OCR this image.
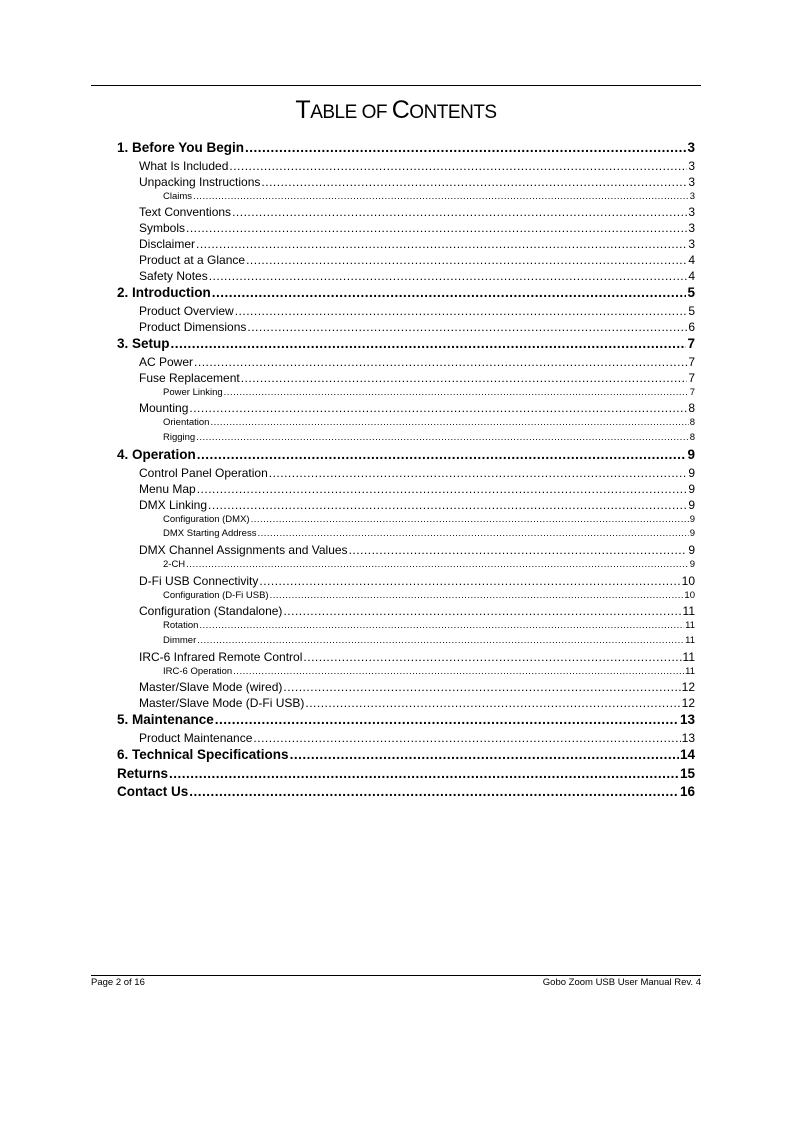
TABLE OF CONTENTS
1. Before You Begin .....	3
What Is Included .....	3
Unpacking Instructions .....	3
Claims .....	3
Text Conventions .....	3
Symbols .....	3
Disclaimer .....	3
Product at a Glance .....	4
Safety Notes .....	4
2. Introduction .....	5
Product Overview .....	5
Product Dimensions .....	6
3. Setup .....	7
AC Power .....	7
Fuse Replacement .....	7
Power Linking .....	7
Mounting .....	8
Orientation .....	8
Rigging .....	8
4. Operation .....	9
Control Panel Operation .....	9
Menu Map .....	9
DMX Linking .....	9
Configuration (DMX) .....	9
DMX Starting Address .....	9
DMX Channel Assignments and Values .....	9
2-CH .....	9
D-Fi USB Connectivity .....	10
Configuration (D-Fi USB) .....	10
Configuration (Standalone) .....	11
Rotation .....	11
Dimmer .....	11
IRC-6 Infrared Remote Control .....	11
IRC-6 Operation .....	11
Master/Slave Mode (wired) .....	12
Master/Slave Mode (D-Fi USB) .....	12
5. Maintenance .....	13
Product Maintenance .....	13
6. Technical Specifications .....	14
Returns .....	15
Contact Us .....	16
Page 2 of 16	Gobo Zoom USB User Manual Rev. 4
